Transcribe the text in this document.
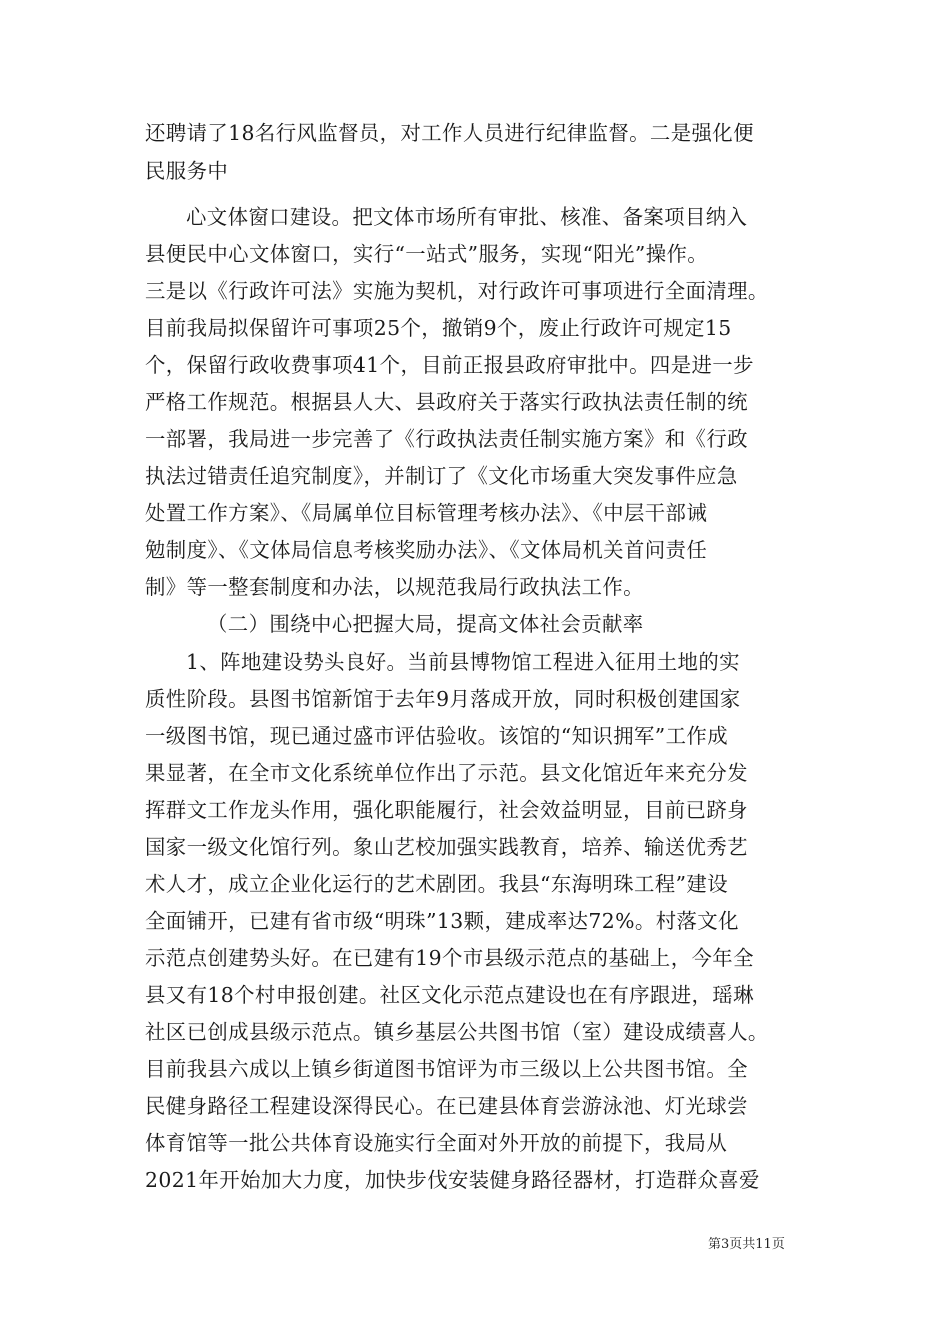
还聘请了18名行风监督员，对工作人员进行纪律监督。二是强化便
民服务中
心文体窗口建设。把文体市场所有审批、核准、备案项目纳入
县便民中心文体窗口，实行“一站式”服务，实现“阳光”操作。
三是以《行政许可法》实施为契机，对行政许可事项进行全面清理。
目前我局拟保留许可事项25个，撤销9个，废止行政许可规定15
个，保留行政收费事项41个，目前正报县政府审批中。四是进一步
严格工作规范。根据县人大、县政府关于落实行政执法责任制的统
一部署，我局进一步完善了《行政执法责任制实施方案》和《行政
执法过错责任追究制度》，并制订了《文化市场重大突发事件应急
处置工作方案》、《局属单位目标管理考核办法》、《中层干部诫
勉制度》、《文体局信息考核奖励办法》、《文体局机关首问责任
制》等一整套制度和办法，以规范我局行政执法工作。
（二）围绕中心把握大局，提高文体社会贡献率
1、阵地建设势头良好。当前县博物馆工程进入征用土地的实
质性阶段。县图书馆新馆于去年9月落成开放，同时积极创建国家
一级图书馆，现已通过盛市评估验收。该馆的“知识拥军”工作成
果显著，在全市文化系统单位作出了示范。县文化馆近年来充分发
挥群文工作龙头作用，强化职能履行，社会效益明显，目前已跻身
国家一级文化馆行列。象山艺校加强实践教育，培养、输送优秀艺
术人才，成立企业化运行的艺术剧团。我县“东海明珠工程”建设
全面铺开，已建有省市级“明珠”13颗，建成率达72%。村落文化
示范点创建势头好。在已建有19个市县级示范点的基础上，今年全
县又有18个村申报创建。社区文化示范点建设也在有序跟进，瑶琳
社区已创成县级示范点。镇乡基层公共图书馆（室）建设成绩喜人。
目前我县六成以上镇乡街道图书馆评为市三级以上公共图书馆。全
民健身路径工程建设深得民心。在已建县体育尝游泳池、灯光球尝
体育馆等一批公共体育设施实行全面对外开放的前提下，我局从
2021年开始加大力度，加快步伐安装健身路径器材，打造群众喜爱
第3页共11页
